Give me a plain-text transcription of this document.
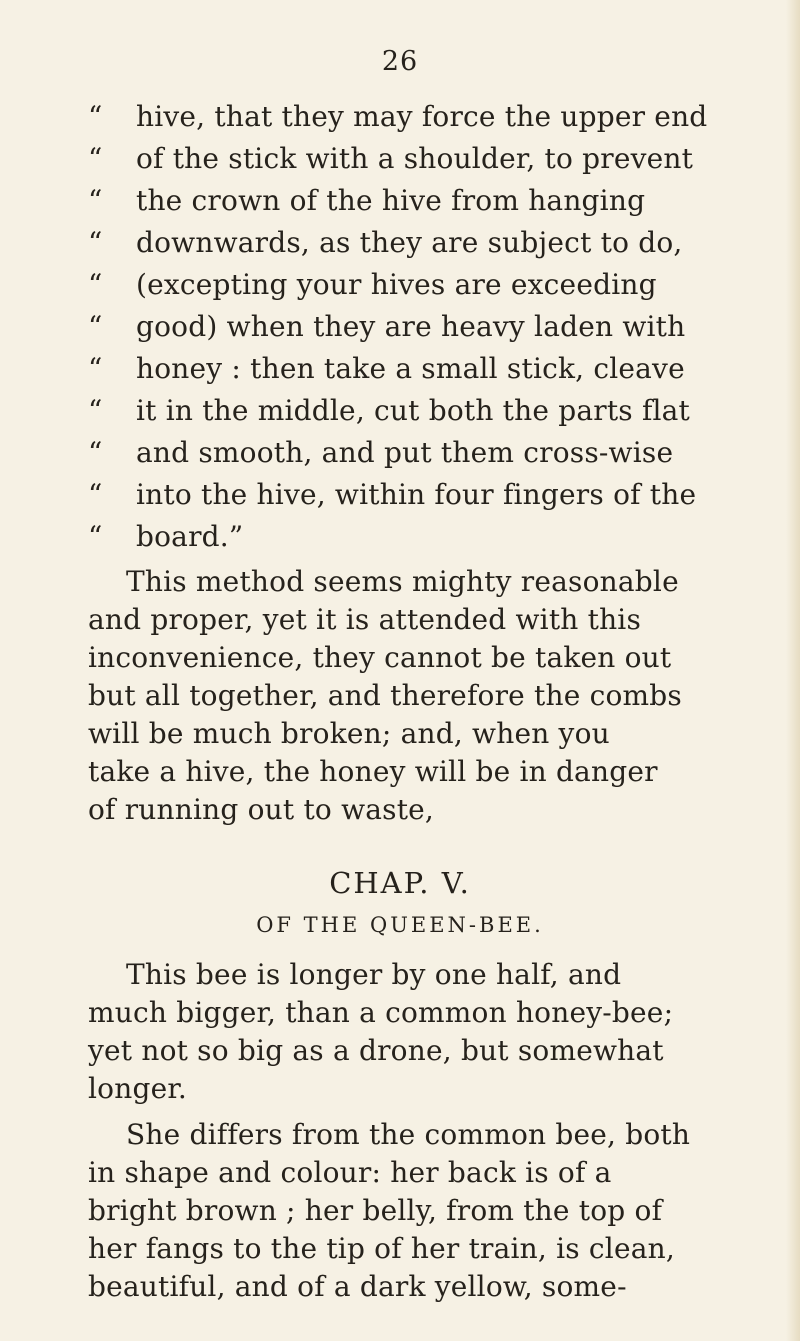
26
“ hive, that they may force the upper end
“ of the stick with a shoulder, to prevent
“ the crown of the hive from hanging
“ downwards, as they are subject to do,
“ (excepting your hives are exceeding
“ good) when they are heavy laden with
“ honey : then take a small stick, cleave
“ it in the middle, cut both the parts flat
“ and smooth, and put them cross-wise
“ into the hive, within four fingers of the
“ board.”
This method seems mighty reasonable
and proper, yet it is attended with this
inconvenience, they cannot be taken out
but all together, and therefore the combs
will be much broken; and, when you
take a hive, the honey will be in danger
of running out to waste,
CHAP. V.
OF THE QUEEN-BEE.
This bee is longer by one half, and
much bigger, than a common honey-bee;
yet not so big as a drone, but somewhat
longer.
She differs from the common bee, both
in shape and colour: her back is of a
bright brown ; her belly, from the top of
her fangs to the tip of her train, is clean,
beautiful, and of a dark yellow, some-
